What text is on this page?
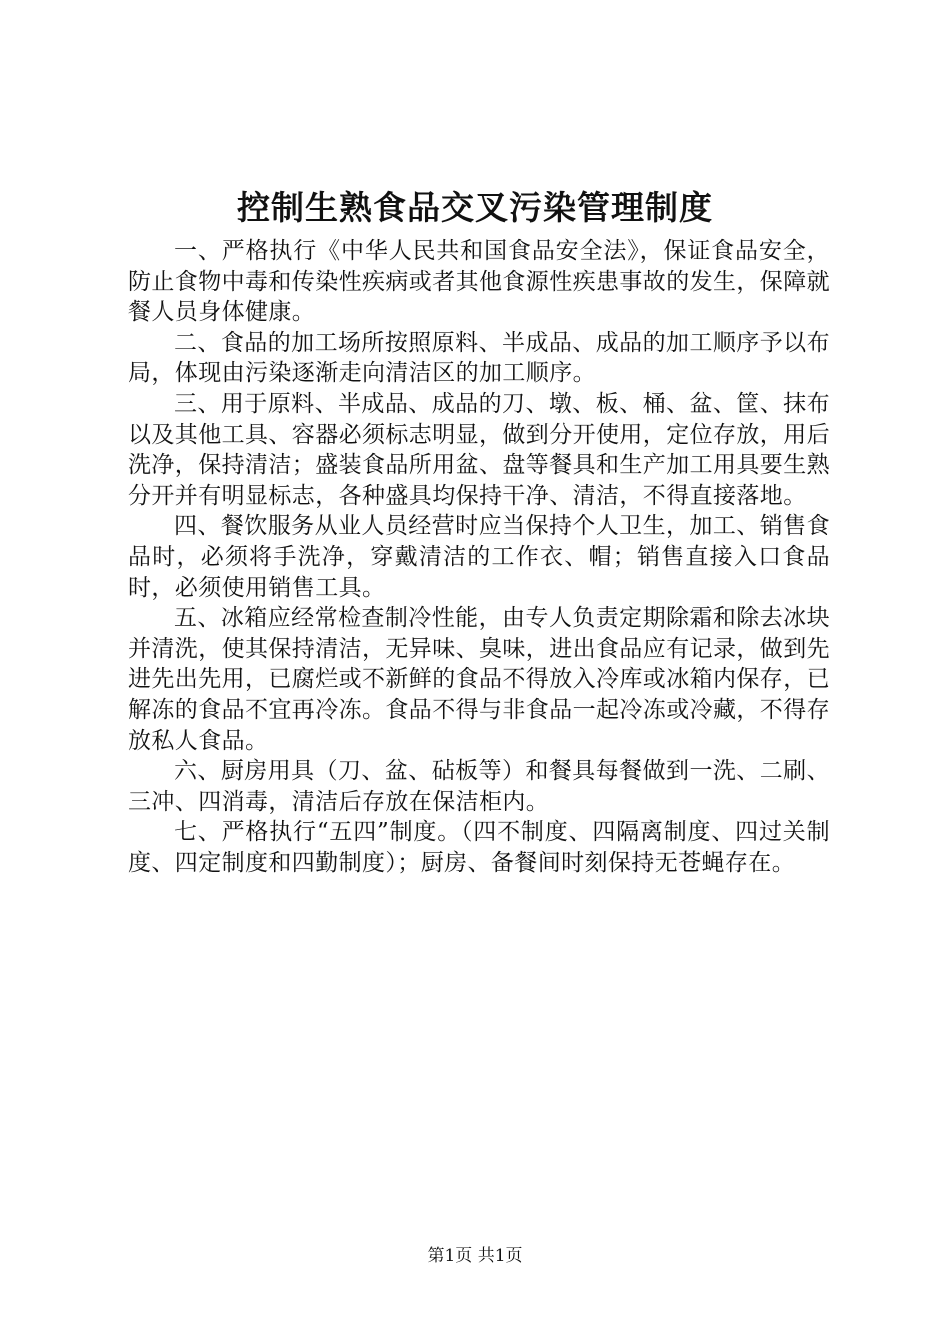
控制生熟食品交叉污染管理制度

一、严格执行《中华人民共和国食品安全法》，保证食品安全，防止食物中毒和传染性疾病或者其他食源性疾患事故的发生，保障就餐人员身体健康。

二、食品的加工场所按照原料、半成品、成品的加工顺序予以布局，体现由污染逐渐走向清洁区的加工顺序。

三、用于原料、半成品、成品的刀、墩、板、桶、盆、筐、抹布以及其他工具、容器必须标志明显，做到分开使用，定位存放，用后洗净，保持清洁；盛装食品所用盆、盘等餐具和生产加工用具要生熟分开并有明显标志，各种盛具均保持干净、清洁，不得直接落地。

四、餐饮服务从业人员经营时应当保持个人卫生，加工、销售食品时，必须将手洗净，穿戴清洁的工作衣、帽；销售直接入口食品时，必须使用销售工具。

五、冰箱应经常检查制冷性能，由专人负责定期除霜和除去冰块并清洗，使其保持清洁，无异味、臭味，进出食品应有记录，做到先进先出先用，已腐烂或不新鲜的食品不得放入冷库或冰箱内保存，已解冻的食品不宜再冷冻。食品不得与非食品一起冷冻或冷藏，不得存放私人食品。

六、厨房用具（刀、盆、砧板等）和餐具每餐做到一洗、二刷、三冲、四消毒，清洁后存放在保洁柜内。

七、严格执行“五四”制度。（四不制度、四隔离制度、四过关制度、四定制度和四勤制度）；厨房、备餐间时刻保持无苍蝇存在。

第1页 共1页
